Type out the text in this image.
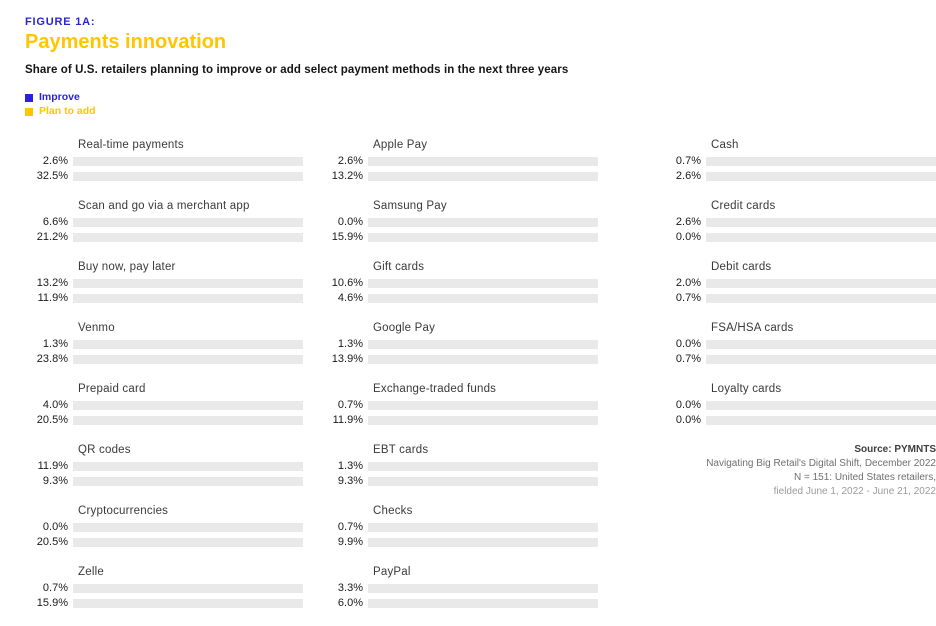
FIGURE 1A:
Payments innovation
Share of U.S. retailers planning to improve or add select payment methods in the next three years
Improve
Plan to add
Real-time payments
2.6%
32.5%
Scan and go via a merchant app
6.6%
21.2%
Buy now, pay later
13.2%
11.9%
Venmo
1.3%
23.8%
Prepaid card
4.0%
20.5%
QR codes
11.9%
9.3%
Cryptocurrencies
0.0%
20.5%
Zelle
0.7%
15.9%
Apple Pay
2.6%
13.2%
Samsung Pay
0.0%
15.9%
Gift cards
10.6%
4.6%
Google Pay
1.3%
13.9%
Exchange-traded funds
0.7%
11.9%
EBT cards
1.3%
9.3%
Checks
0.7%
9.9%
PayPal
3.3%
6.0%
Cash
0.7%
2.6%
Credit cards
2.6%
0.0%
Debit cards
2.0%
0.7%
FSA/HSA cards
0.0%
0.7%
Loyalty cards
0.0%
0.0%
Source: PYMNTS
Navigating Big Retail's Digital Shift, December 2022
N = 151: United States retailers,
fielded June 1, 2022 - June 21, 2022
